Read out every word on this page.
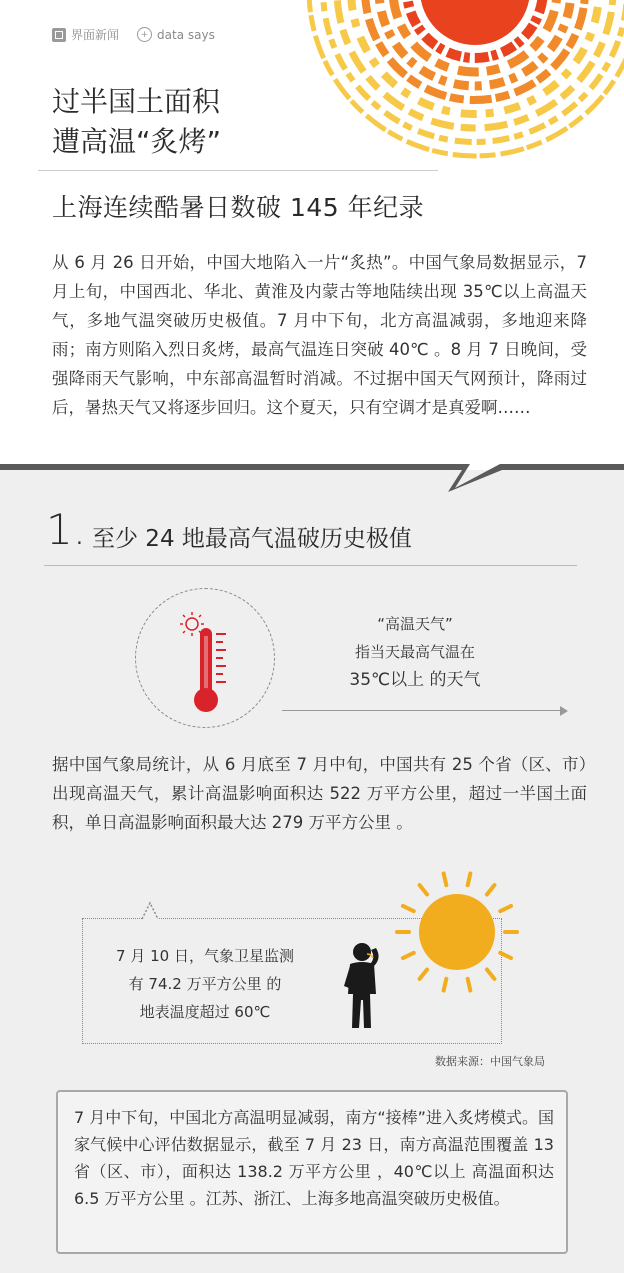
界面新闻	+ data says
过半国土面积
遭高温“炙烤”
上海连续酷暑日数破 145 年纪录
从 6 月 26 日开始，中国大地陷入一片“炙热”。中国气象局数据显示，7 月上旬，中国西北、华北、黄淮及内蒙古等地陆续出现 35℃以上高温天气，多地气温突破历史极值。7 月中下旬，北方高温减弱，多地迎来降雨；南方则陷入烈日炙烤，最高气温连日突破 40℃ 。8 月 7 日晚间，受强降雨天气影响，中东部高温暂时消减。不过据中国天气网预计，降雨过后，暑热天气又将逐步回归。这个夏天，只有空调才是真爱啊……
1. 至少 24 地最高气温破历史极值
“高温天气”
指当天最高气温在
35℃以上 的天气
据中国气象局统计，从 6 月底至 7 月中旬，中国共有 25 个省（区、市）出现高温天气，累计高温影响面积达 522 万平方公里，超过一半国土面积，单日高温影响面积最大达 279 万平方公里 。
7 月 10 日，气象卫星监测
有 74.2 万平方公里 的
地表温度超过 60℃
数据来源：中国气象局
7 月中下旬，中国北方高温明显减弱，南方“接棒”进入炙烤模式。国家气候中心评估数据显示，截至 7 月 23 日，南方高温范围覆盖 13 省（区、市），面积达 138.2 万平方公里 ，40℃以上 高温面积达 6.5 万平方公里 。江苏、浙江、上海多地高温突破历史极值。
